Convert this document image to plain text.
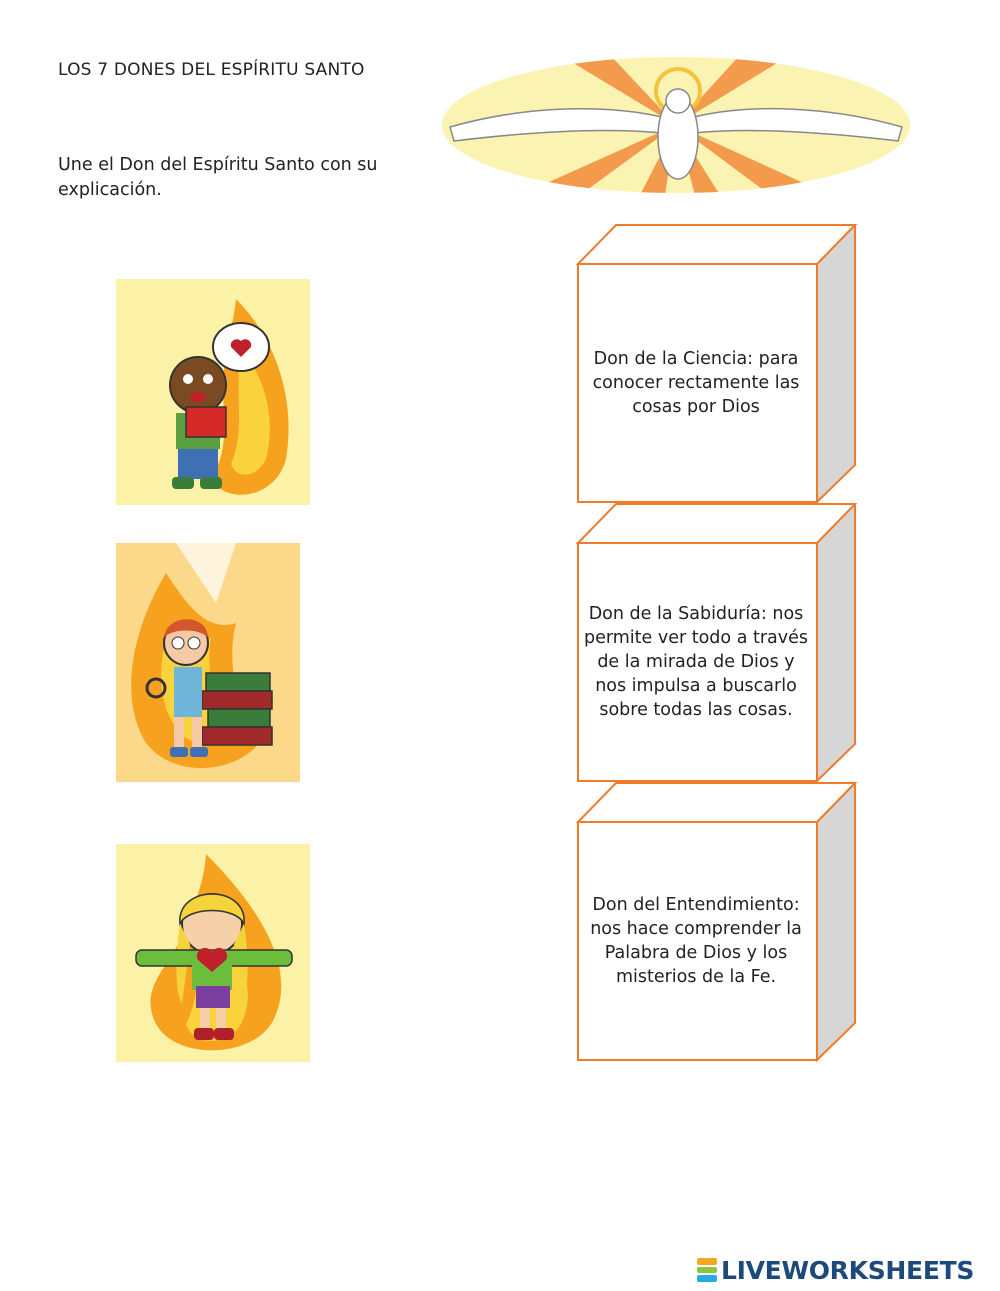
LOS 7 DONES DEL ESPÍRITU SANTO
Une el Don del Espíritu Santo con su explicación.
Don de la Ciencia: para conocer rectamente las cosas por Dios
Don de la Sabiduría: nos permite ver todo a través de la mirada de Dios y nos impulsa a buscarlo sobre todas las cosas.
Don del Entendimiento: nos hace comprender la Palabra de Dios y los misterios de la Fe.
LIVEWORKSHEETS
